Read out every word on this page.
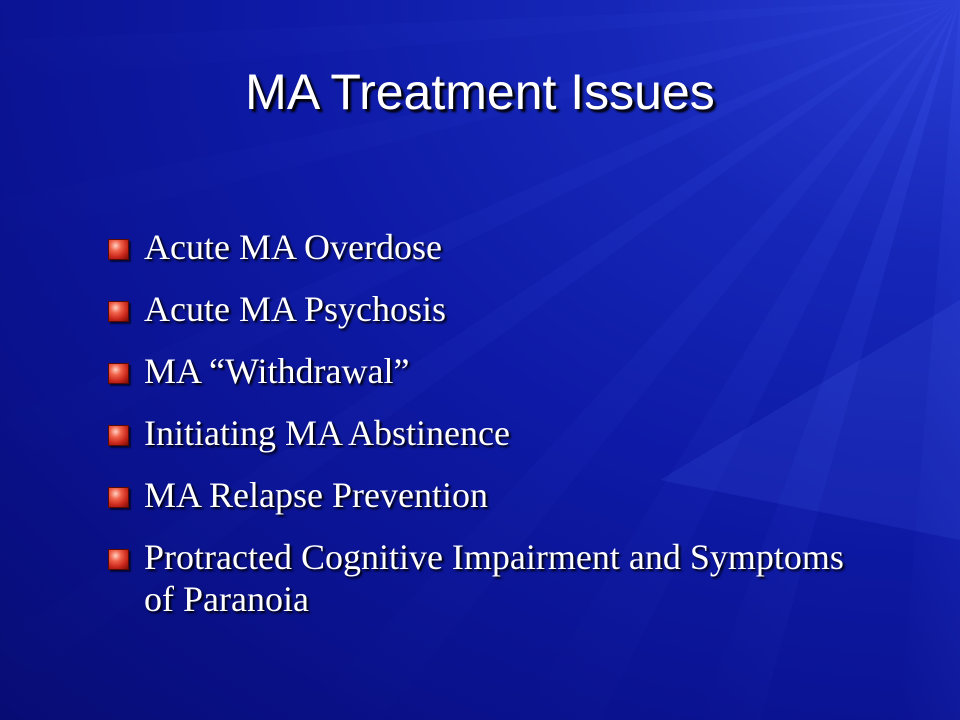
MA Treatment Issues
Acute MA Overdose
Acute MA Psychosis
MA “Withdrawal”
Initiating MA Abstinence
MA Relapse Prevention
Protracted Cognitive Impairment and Symptoms of Paranoia
